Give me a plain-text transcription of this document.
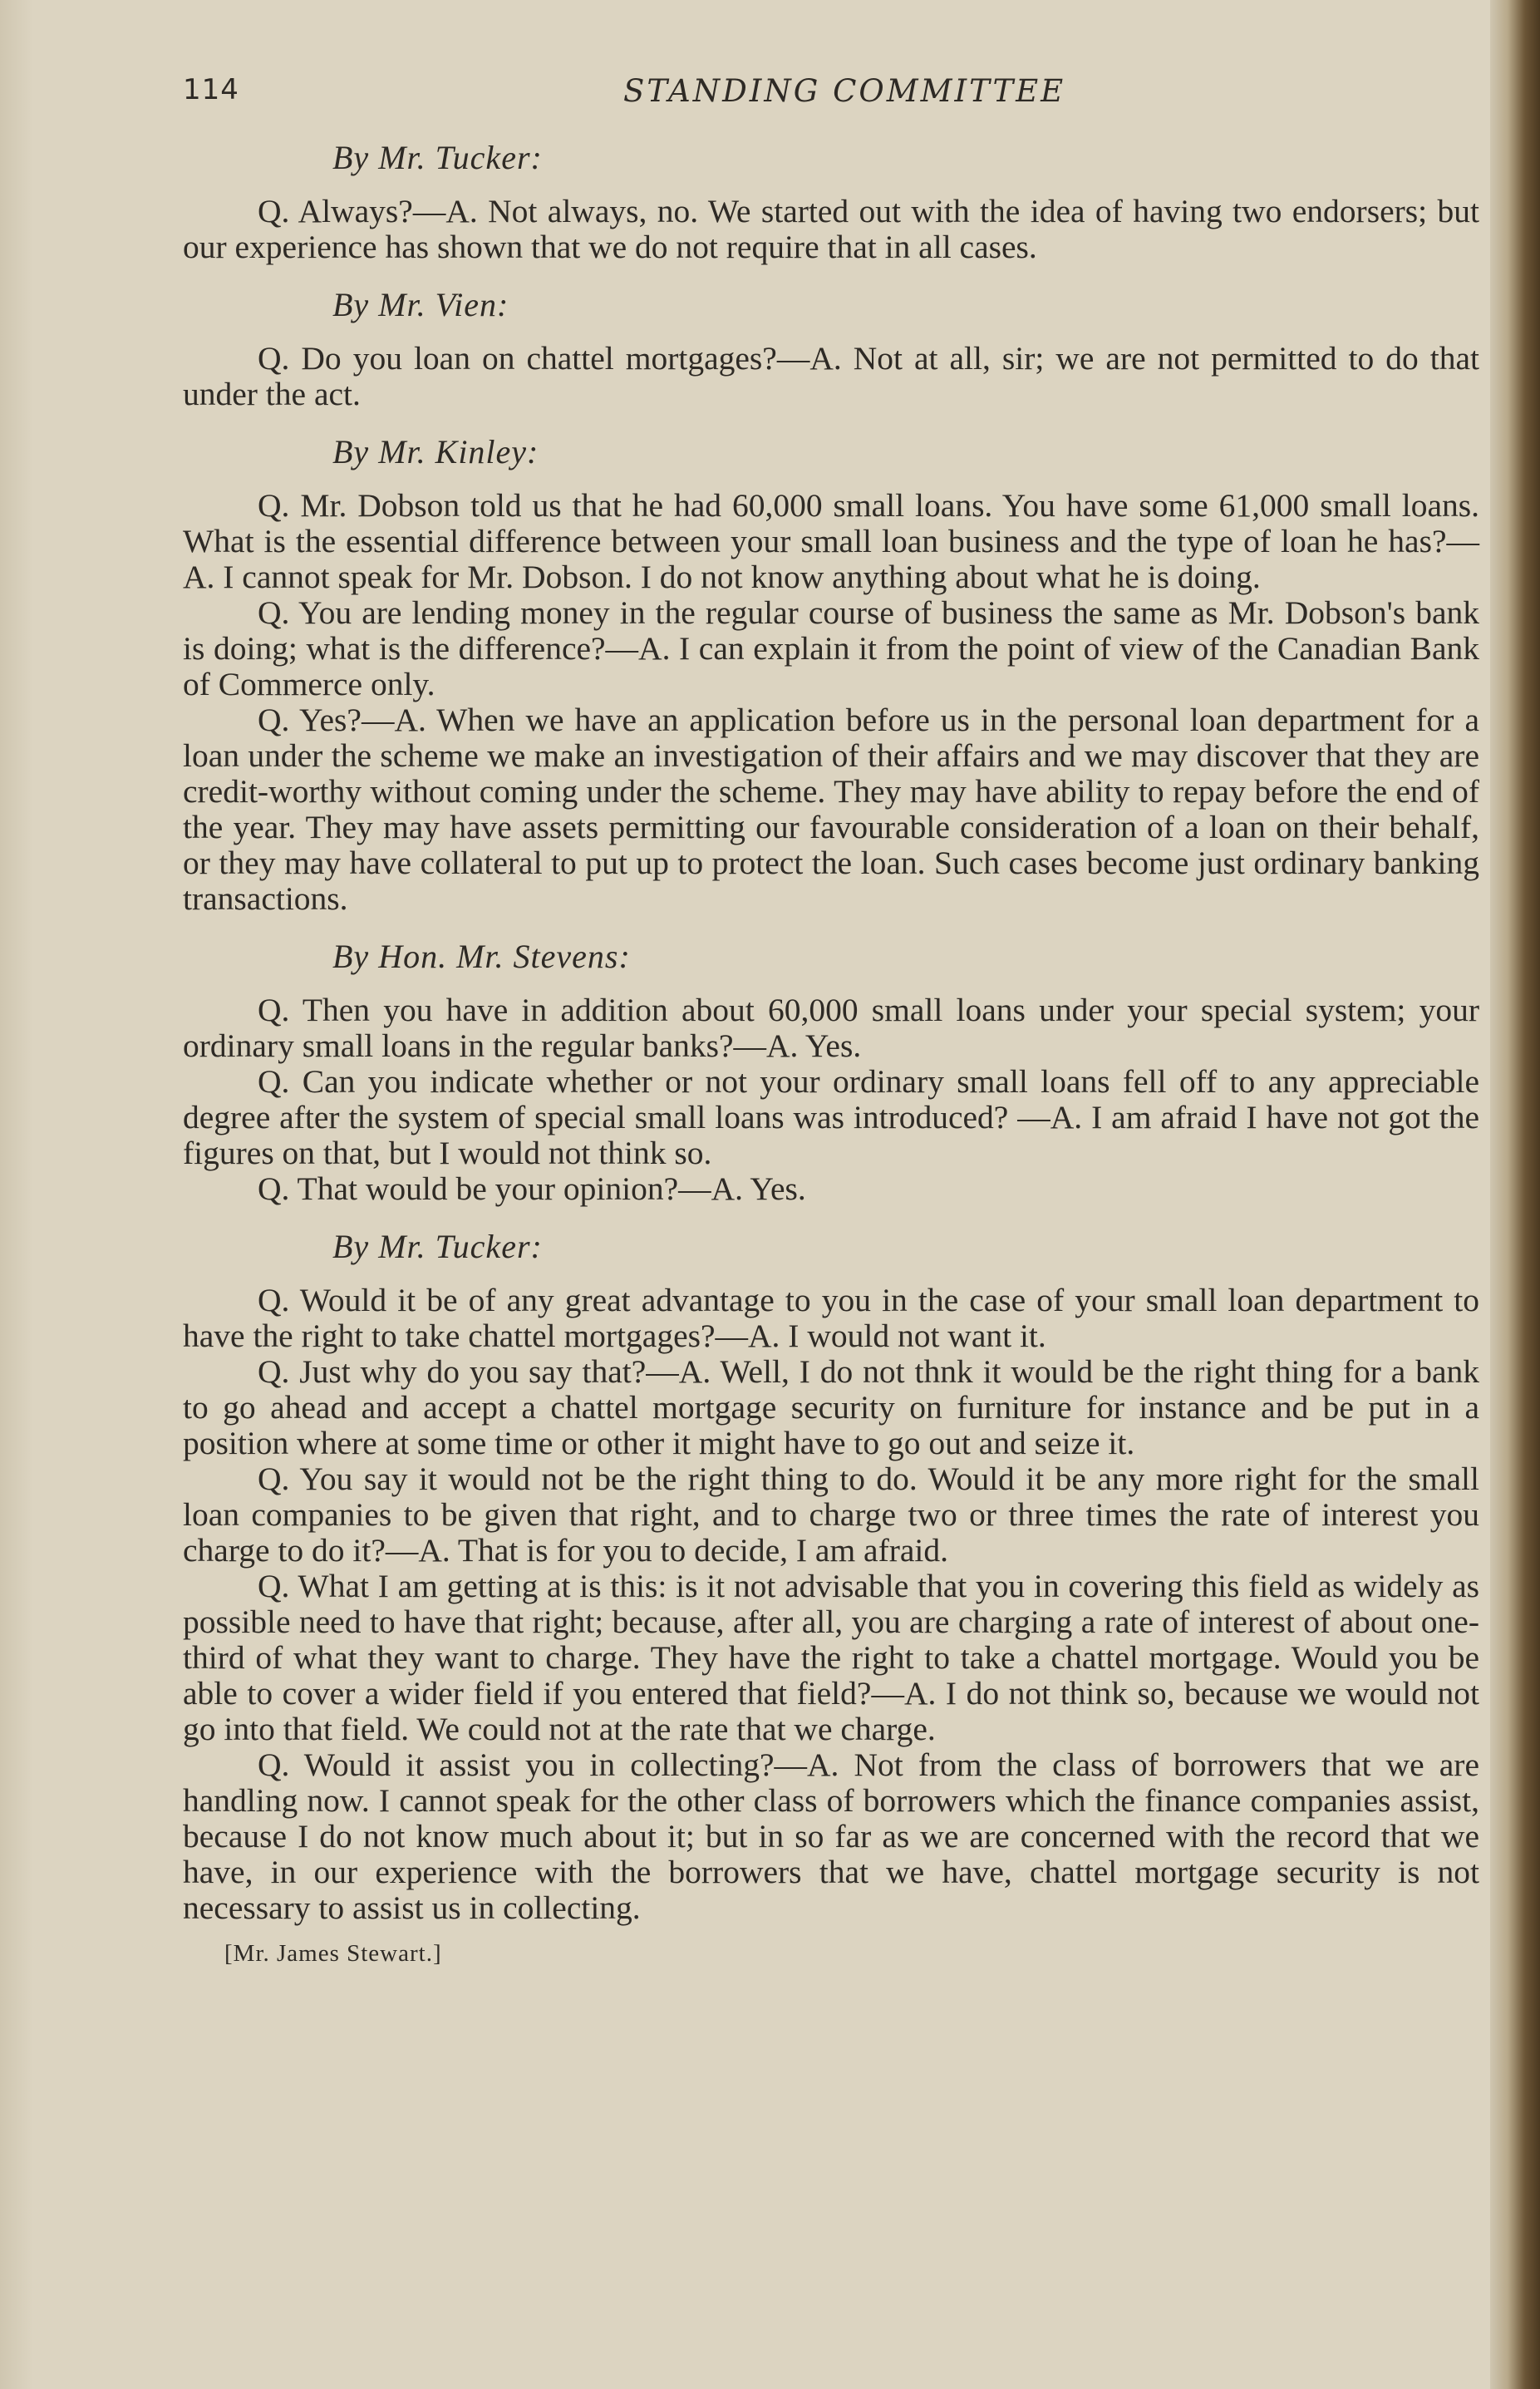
114	STANDING COMMITTEE
By Mr. Tucker:

Q. Always?—A. Not always, no. We started out with the idea of having two endorsers; but our experience has shown that we do not require that in all cases.

By Mr. Vien:

Q. Do you loan on chattel mortgages?—A. Not at all, sir; we are not permitted to do that under the act.

By Mr. Kinley:

Q. Mr. Dobson told us that he had 60,000 small loans. You have some 61,000 small loans. What is the essential difference between your small loan business and the type of loan he has?—A. I cannot speak for Mr. Dobson. I do not know anything about what he is doing.

Q. You are lending money in the regular course of business the same as Mr. Dobson's bank is doing; what is the difference?—A. I can explain it from the point of view of the Canadian Bank of Commerce only.

Q. Yes?—A. When we have an application before us in the personal loan department for a loan under the scheme we make an investigation of their affairs and we may discover that they are credit-worthy without coming under the scheme. They may have ability to repay before the end of the year. They may have assets permitting our favourable consideration of a loan on their behalf, or they may have collateral to put up to protect the loan. Such cases become just ordinary banking transactions.

By Hon. Mr. Stevens:

Q. Then you have in addition about 60,000 small loans under your special system; your ordinary small loans in the regular banks?—A. Yes.

Q. Can you indicate whether or not your ordinary small loans fell off to any appreciable degree after the system of special small loans was introduced? —A. I am afraid I have not got the figures on that, but I would not think so.

Q. That would be your opinion?—A. Yes.

By Mr. Tucker:

Q. Would it be of any great advantage to you in the case of your small loan department to have the right to take chattel mortgages?—A. I would not want it.

Q. Just why do you say that?—A. Well, I do not thnk it would be the right thing for a bank to go ahead and accept a chattel mortgage security on furniture for instance and be put in a position where at some time or other it might have to go out and seize it.

Q. You say it would not be the right thing to do. Would it be any more right for the small loan companies to be given that right, and to charge two or three times the rate of interest you charge to do it?—A. That is for you to decide, I am afraid.

Q. What I am getting at is this: is it not advisable that you in covering this field as widely as possible need to have that right; because, after all, you are charging a rate of interest of about one-third of what they want to charge. They have the right to take a chattel mortgage. Would you be able to cover a wider field if you entered that field?—A. I do not think so, because we would not go into that field. We could not at the rate that we charge.

Q. Would it assist you in collecting?—A. Not from the class of borrowers that we are handling now. I cannot speak for the other class of borrowers which the finance companies assist, because I do not know much about it; but in so far as we are concerned with the record that we have, in our experience with the borrowers that we have, chattel mortgage security is not necessary to assist us in collecting.

[Mr. James Stewart.]
